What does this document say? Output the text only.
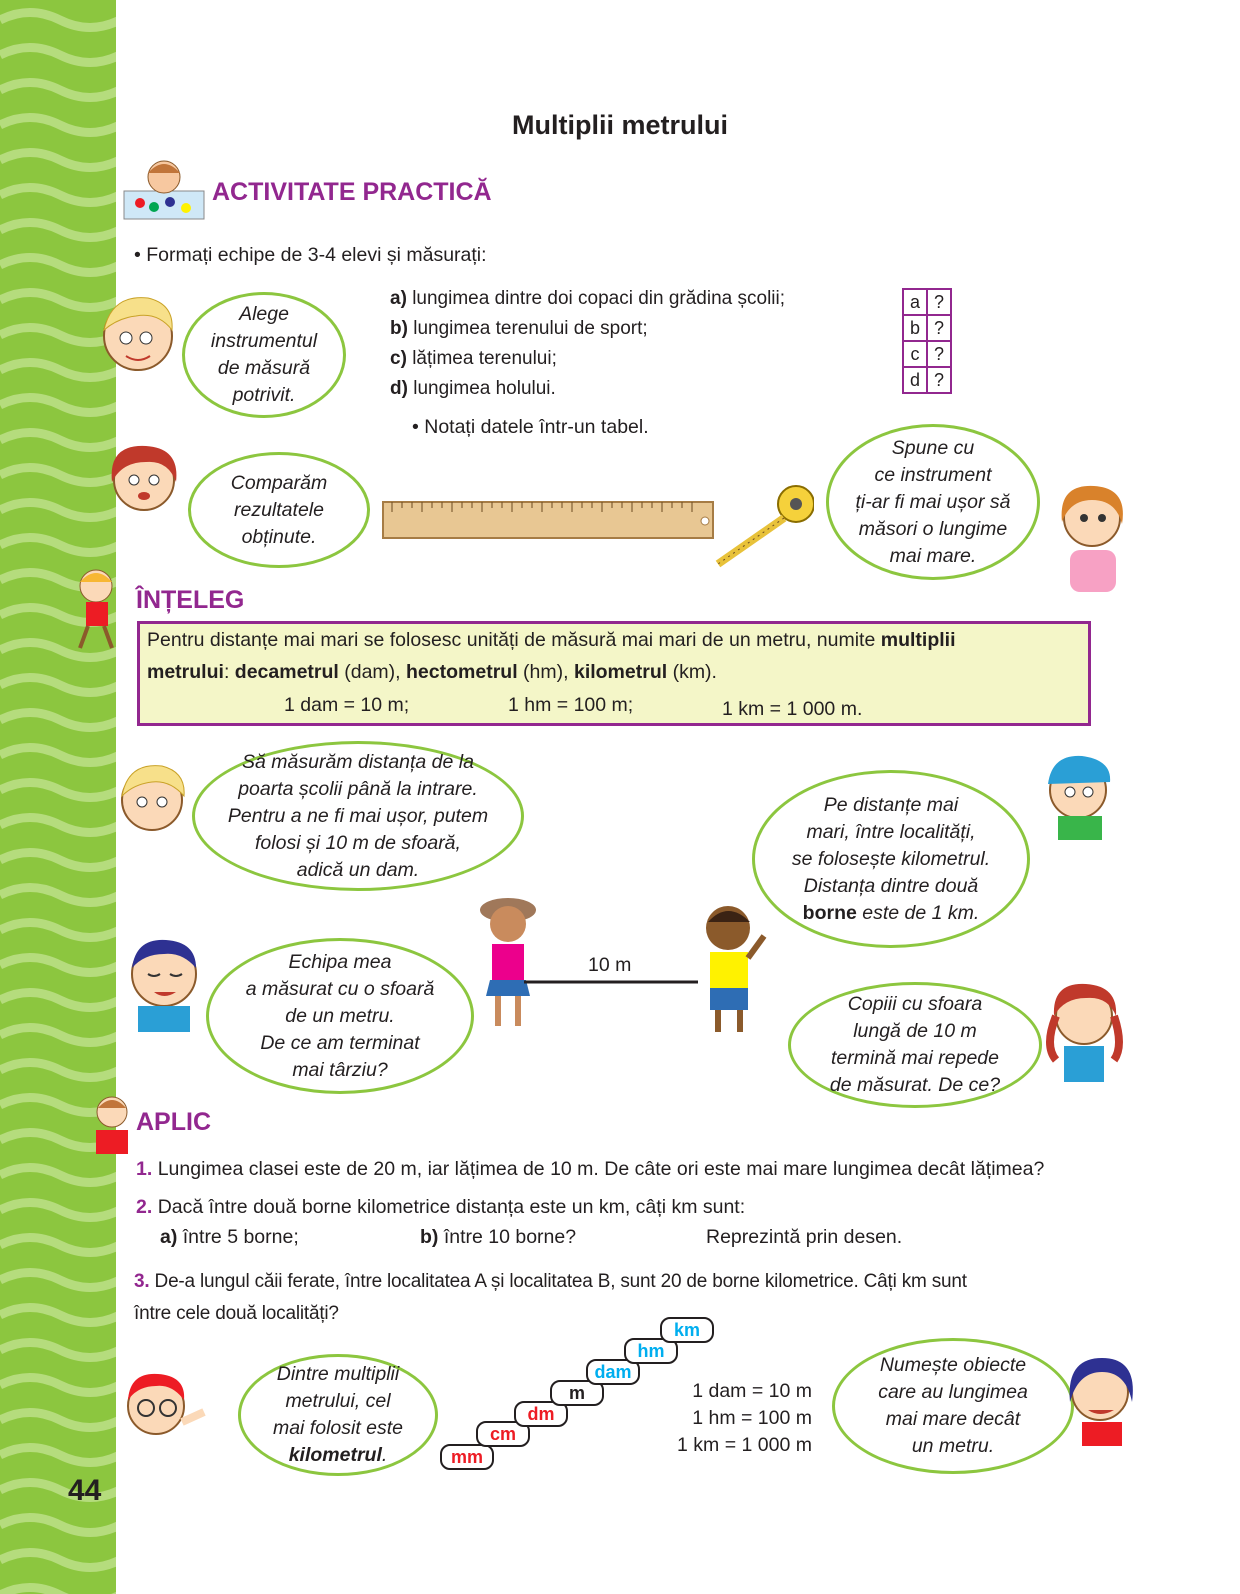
44
Multiplii metrului
ACTIVITATE PRACTICĂ
• Formați echipe de 3-4 elevi și măsurați:
a) lungimea dintre doi copaci din grădina școlii;
b) lungimea terenului de sport;
c) lățimea terenului;
d) lungimea holului.
• Notați datele într-un tabel.
a	?
b	?
c	?
d	?
Alege
instrumentul
de măsură
potrivit.
Comparăm
rezultatele
obținute.
Spune cu
ce instrument
ți-ar fi mai ușor să
măsori o lungime
mai mare.
ÎNȚELEG
Pentru distanțe mai mari se folosesc unități de măsură mai mari de un metru, numite multiplii
metrului: decametrul (dam), hectometrul (hm), kilometrul (km).
1 dam = 10 m;	1 hm = 100 m;	1 km = 1 000 m.
Să măsurăm distanța de la
poarta școlii până la intrare.
Pentru a ne fi mai ușor, putem
folosi și 10 m de sfoară,
adică un dam.
Pe distanțe mai
mari, între localități,
se folosește kilometrul.
Distanța dintre două
borne este de 1 km.
Echipa mea
a măsurat cu o sfoară
de un metru.
De ce am terminat
mai târziu?
10 m
Copiii cu sfoara
lungă de 10 m
termină mai repede
de măsurat. De ce?
APLIC
1. Lungimea clasei este de 20 m, iar lățimea de 10 m. De câte ori este mai mare lungimea decât lățimea?
2. Dacă între două borne kilometrice distanța este un km, câți km sunt:
a) între 5 borne;	b) între 10 borne?	Reprezintă prin desen.
3. De-a lungul căii ferate, între localitatea A și localitatea B, sunt 20 de borne kilometrice. Câți km sunt
între cele două localități?
Dintre multiplii
metrului, cel
mai folosit este
kilometrul.	mm
cm
dm
m
dam
hm
km
1 dam = 10 m
1 hm = 100 m
1 km = 1 000 m
Numește obiecte
care au lungimea
mai mare decât
un metru.
